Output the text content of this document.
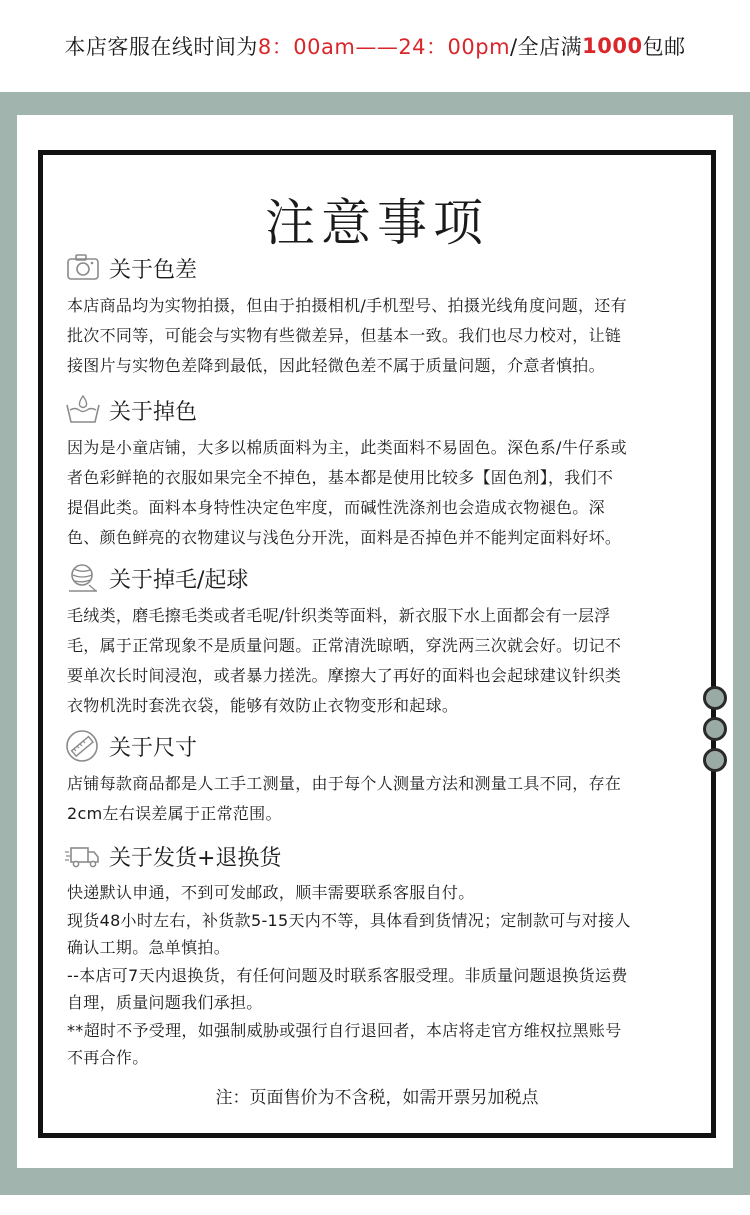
本店客服在线时间为 8：00am——24：00pm /全店满 1000 包邮
注意事项
关于色差

本店商品均为实物拍摄，但由于拍摄相机/手机型号、拍摄光线角度问题，还有

批次不同等，可能会与实物有些微差异，但基本一致。我们也尽力校对，让链

接图片与实物色差降到最低，因此轻微色差不属于质量问题，介意者慎拍。

关于掉色

因为是小童店铺，大多以棉质面料为主，此类面料不易固色。深色系/牛仔系或

者色彩鲜艳的衣服如果完全不掉色，基本都是使用比较多【固色剂】，我们不

提倡此类。面料本身特性决定色牢度，而碱性洗涤剂也会造成衣物褪色。深

色、颜色鲜亮的衣物建议与浅色分开洗，面料是否掉色并不能判定面料好坏。

关于掉毛/起球

毛绒类，磨毛擦毛类或者毛呢/针织类等面料，新衣服下水上面都会有一层浮

毛，属于正常现象不是质量问题。正常清洗晾晒，穿洗两三次就会好。切记不

要单次长时间浸泡，或者暴力搓洗。摩擦大了再好的面料也会起球建议针织类

衣物机洗时套洗衣袋，能够有效防止衣物变形和起球。

关于尺寸

店铺每款商品都是人工手工测量，由于每个人测量方法和测量工具不同，存在

2cm左右误差属于正常范围。

关于发货+退换货

快递默认申通，不到可发邮政，顺丰需要联系客服自付。

现货48小时左右，补货款5-15天内不等，具体看到货情况；定制款可与对接人

确认工期。急单慎拍。

--本店可7天内退换货，有任何问题及时联系客服受理。非质量问题退换货运费

自理，质量问题我们承担。

**超时不予受理，如强制威胁或强行自行退回者，本店将走官方维权拉黑账号

不再合作。

注：页面售价为不含税，如需开票另加税点
